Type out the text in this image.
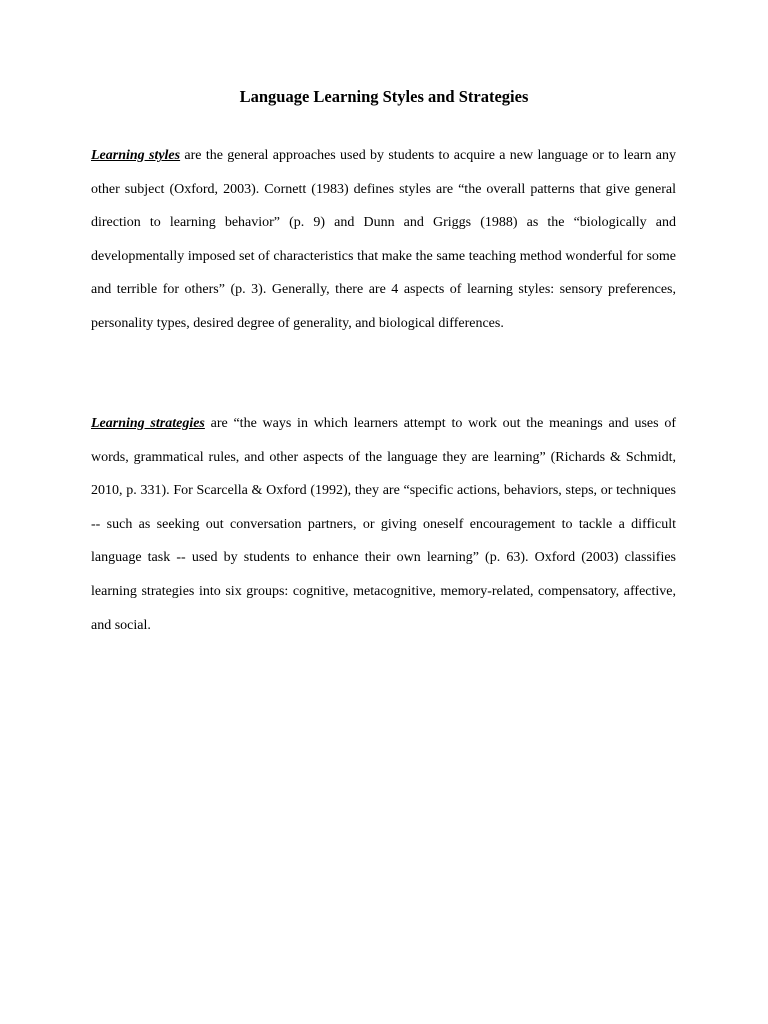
Language Learning Styles and Strategies

Learning styles are the general approaches used by students to acquire a new language or to learn any other subject (Oxford, 2003). Cornett (1983) defines styles are “the overall patterns that give general direction to learning behavior” (p. 9) and Dunn and Griggs (1988) as the “biologically and developmentally imposed set of characteristics that make the same teaching method wonderful for some and terrible for others” (p. 3). Generally, there are 4 aspects of learning styles: sensory preferences, personality types, desired degree of generality, and biological differences.

Learning strategies are “the ways in which learners attempt to work out the meanings and uses of words, grammatical rules, and other aspects of the language they are learning” (Richards & Schmidt, 2010, p. 331). For Scarcella & Oxford (1992), they are “specific actions, behaviors, steps, or techniques -- such as seeking out conversation partners, or giving oneself encouragement to tackle a difficult language task -- used by students to enhance their own learning” (p. 63). Oxford (2003) classifies learning strategies into six groups: cognitive, metacognitive, memory-related, compensatory, affective, and social.
